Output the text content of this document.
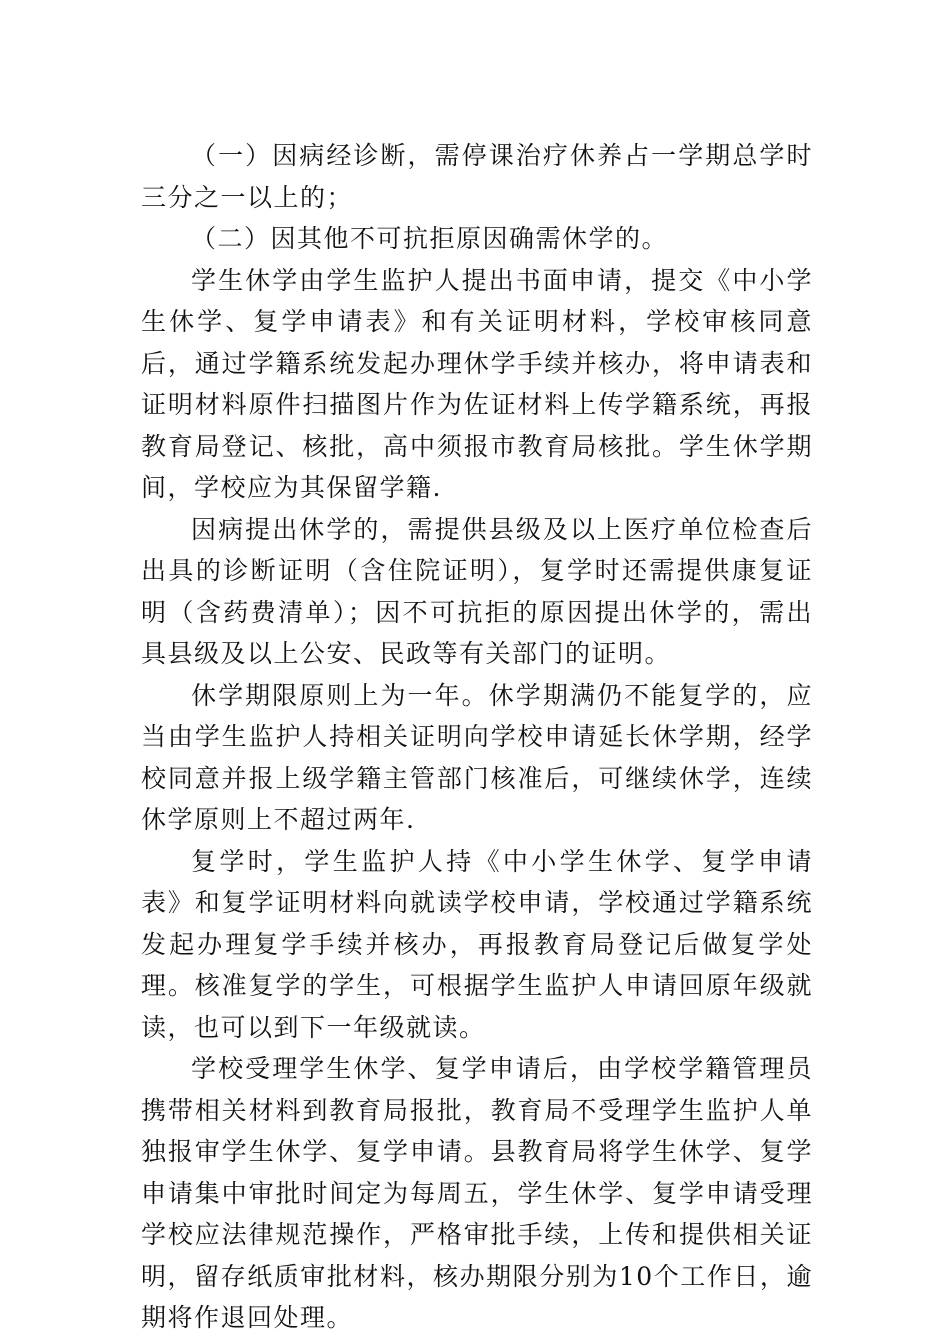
（一）因病经诊断，需停课治疗休养占一学期总学时三分之一以上的；

（二）因其他不可抗拒原因确需休学的。

学生休学由学生监护人提出书面申请，提交《中小学生休学、复学申请表》和有关证明材料，学校审核同意后，通过学籍系统发起办理休学手续并核办，将申请表和证明材料原件扫描图片作为佐证材料上传学籍系统，再报教育局登记、核批，高中须报市教育局核批。学生休学期间，学校应为其保留学籍.

因病提出休学的，需提供县级及以上医疗单位检查后出具的诊断证明（含住院证明），复学时还需提供康复证明（含药费清单）；因不可抗拒的原因提出休学的，需出具县级及以上公安、民政等有关部门的证明。

休学期限原则上为一年。休学期满仍不能复学的，应当由学生监护人持相关证明向学校申请延长休学期，经学校同意并报上级学籍主管部门核准后，可继续休学，连续休学原则上不超过两年.

复学时，学生监护人持《中小学生休学、复学申请表》和复学证明材料向就读学校申请，学校通过学籍系统发起办理复学手续并核办，再报教育局登记后做复学处理。核准复学的学生，可根据学生监护人申请回原年级就读，也可以到下一年级就读。

学校受理学生休学、复学申请后，由学校学籍管理员携带相关材料到教育局报批，教育局不受理学生监护人单独报审学生休学、复学申请。县教育局将学生休学、复学申请集中审批时间定为每周五，学生休学、复学申请受理学校应法律规范操作，严格审批手续，上传和提供相关证明，留存纸质审批材料，核办期限分别为10个工作日，逾期将作退回处理。
